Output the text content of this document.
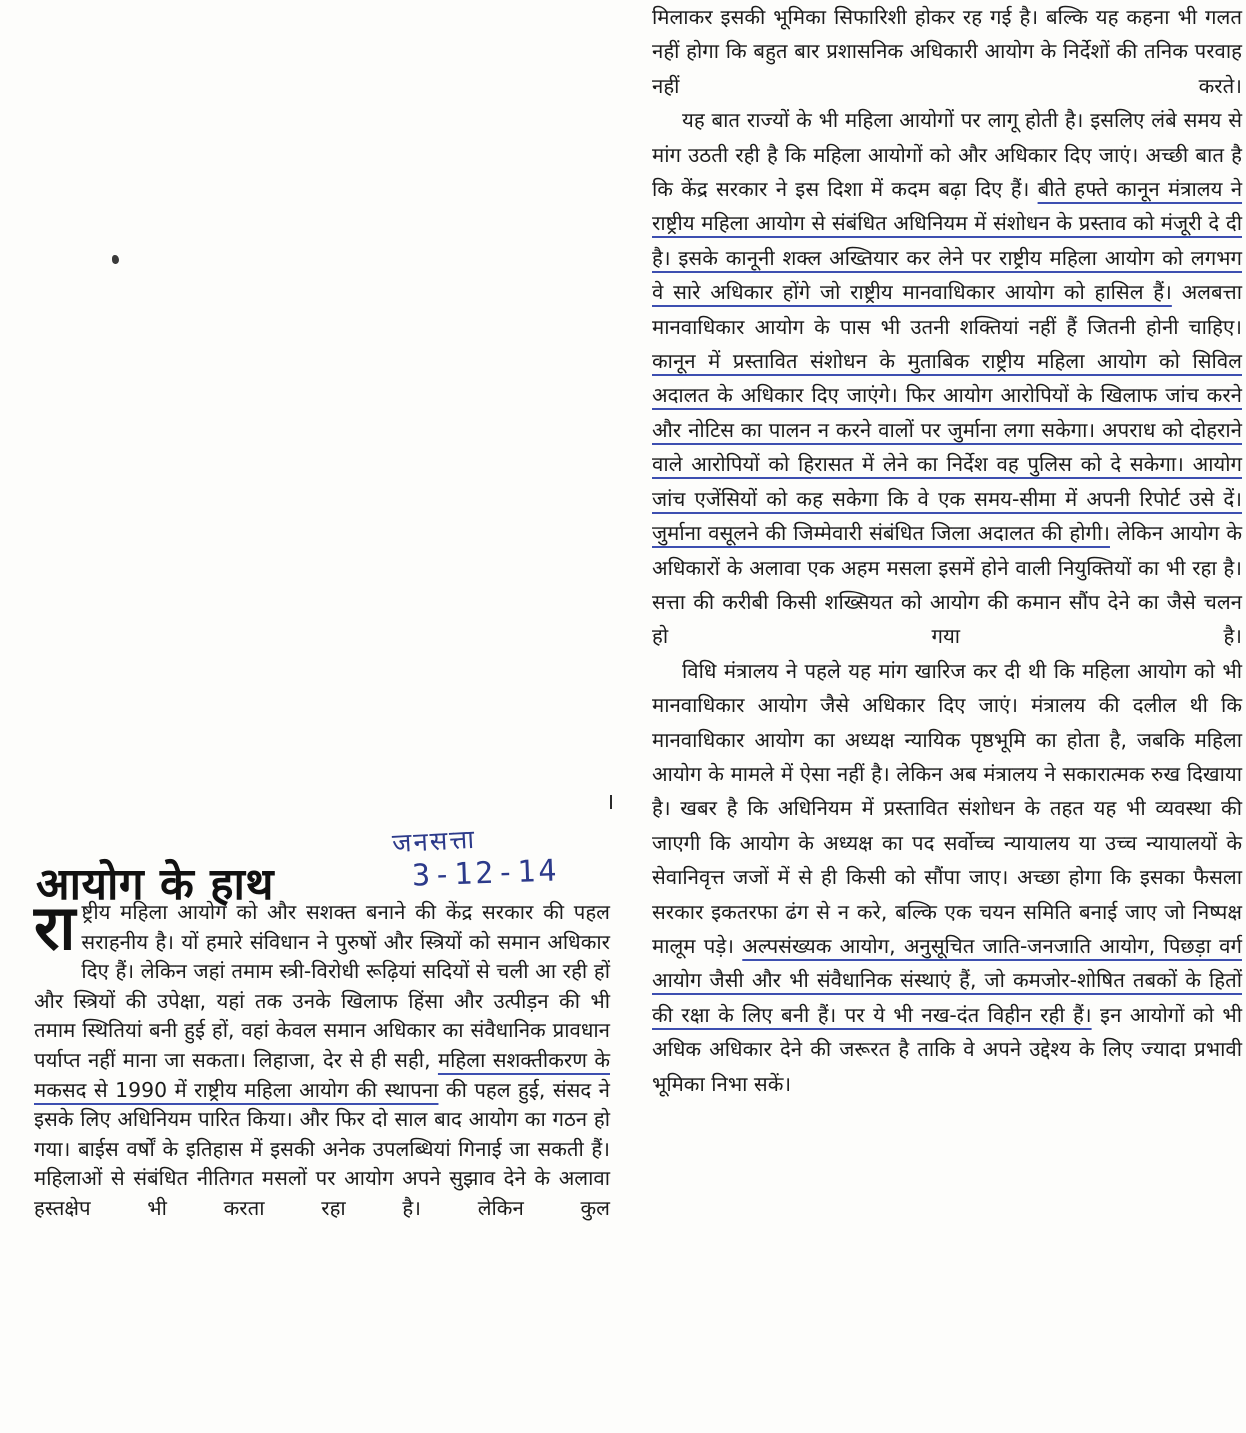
मिलाकर इसकी भूमिका सिफारिशी होकर रह गई है। बल्कि यह कहना भी गलत नहीं होगा कि बहुत बार प्रशासनिक अधिकारी आयोग के निर्देशों की तनिक परवाह नहीं करते।

यह बात राज्यों के भी महिला आयोगों पर लागू होती है। इसलिए लंबे समय से मांग उठती रही है कि महिला आयोगों को और अधिकार दिए जाएं। अच्छी बात है कि केंद्र सरकार ने इस दिशा में कदम बढ़ा दिए हैं। बीते हफ्ते कानून मंत्रालय ने राष्ट्रीय महिला आयोग से संबंधित अधिनियम में संशोधन के प्रस्ताव को मंजूरी दे दी है। इसके कानूनी शक्ल अख्तियार कर लेने पर राष्ट्रीय महिला आयोग को लगभग वे सारे अधिकार होंगे जो राष्ट्रीय मानवाधिकार आयोग को हासिल हैं। अलबत्ता मानवाधिकार आयोग के पास भी उतनी शक्तियां नहीं हैं जितनी होनी चाहिए। कानून में प्रस्तावित संशोधन के मुताबिक राष्ट्रीय महिला आयोग को सिविल अदालत के अधिकार दिए जाएंगे। फिर आयोग आरोपियों के खिलाफ जांच करने और नोटिस का पालन न करने वालों पर जुर्माना लगा सकेगा। अपराध को दोहराने वाले आरोपियों को हिरासत में लेने का निर्देश वह पुलिस को दे सकेगा। आयोग जांच एजेंसियों को कह सकेगा कि वे एक समय-सीमा में अपनी रिपोर्ट उसे दें। जुर्माना वसूलने की जिम्मेवारी संबंधित जिला अदालत की होगी। लेकिन आयोग के अधिकारों के अलावा एक अहम मसला इसमें होने वाली नियुक्तियों का भी रहा है। सत्ता की करीबी किसी शख्सियत को आयोग की कमान सौंप देने का जैसे चलन हो गया है।

विधि मंत्रालय ने पहले यह मांग खारिज कर दी थी कि महिला आयोग को भी मानवाधिकार आयोग जैसे अधिकार दिए जाएं। मंत्रालय की दलील थी कि मानवाधिकार आयोग का अध्यक्ष न्यायिक पृष्ठभूमि का होता है, जबकि महिला आयोग के मामले में ऐसा नहीं है। लेकिन अब मंत्रालय ने सकारात्मक रुख दिखाया है। खबर है कि अधिनियम में प्रस्तावित संशोधन के तहत यह भी व्यवस्था की जाएगी कि आयोग के अध्यक्ष का पद सर्वोच्च न्यायालय या उच्च न्यायालयों के सेवानिवृत्त जजों में से ही किसी को सौंपा जाए। अच्छा होगा कि इसका फैसला सरकार इकतरफा ढंग से न करे, बल्कि एक चयन समिति बनाई जाए जो निष्पक्ष मालूम पड़े। अल्पसंख्यक आयोग, अनुसूचित जाति-जनजाति आयोग, पिछड़ा वर्ग आयोग जैसी और भी संवैधानिक संस्थाएं हैं, जो कमजोर-शोषित तबकों के हितों की रक्षा के लिए बनी हैं। पर ये भी नख-दंत विहीन रही हैं। इन आयोगों को भी अधिक अधिकार देने की जरूरत है ताकि वे अपने उद्देश्य के लिए ज्यादा प्रभावी भूमिका निभा सकें।

आयोग के हाथ
जनसत्ता
3-12-14
रा ष्ट्रीय महिला आयोग को और सशक्त बनाने की केंद्र सरकार की पहल सराहनीय है। यों हमारे संविधान ने पुरुषों और स्त्रियों को समान अधिकार दिए हैं। लेकिन जहां तमाम स्त्री-विरोधी रूढ़ियां सदियों से चली आ रही हों और स्त्रियों की उपेक्षा, यहां तक उनके खिलाफ हिंसा और उत्पीड़न की भी तमाम स्थितियां बनी हुई हों, वहां केवल समान अधिकार का संवैधानिक प्रावधान पर्याप्त नहीं माना जा सकता। लिहाजा, देर से ही सही, महिला सशक्तीकरण के मकसद से 1990 में राष्ट्रीय महिला आयोग की स्थापना की पहल हुई, संसद ने इसके लिए अधिनियम पारित किया। और फिर दो साल बाद आयोग का गठन हो गया। बाईस वर्षों के इतिहास में इसकी अनेक उपलब्धियां गिनाई जा सकती हैं। महिलाओं से संबंधित नीतिगत मसलों पर आयोग अपने सुझाव देने के अलावा हस्तक्षेप भी करता रहा है। लेकिन कुल
